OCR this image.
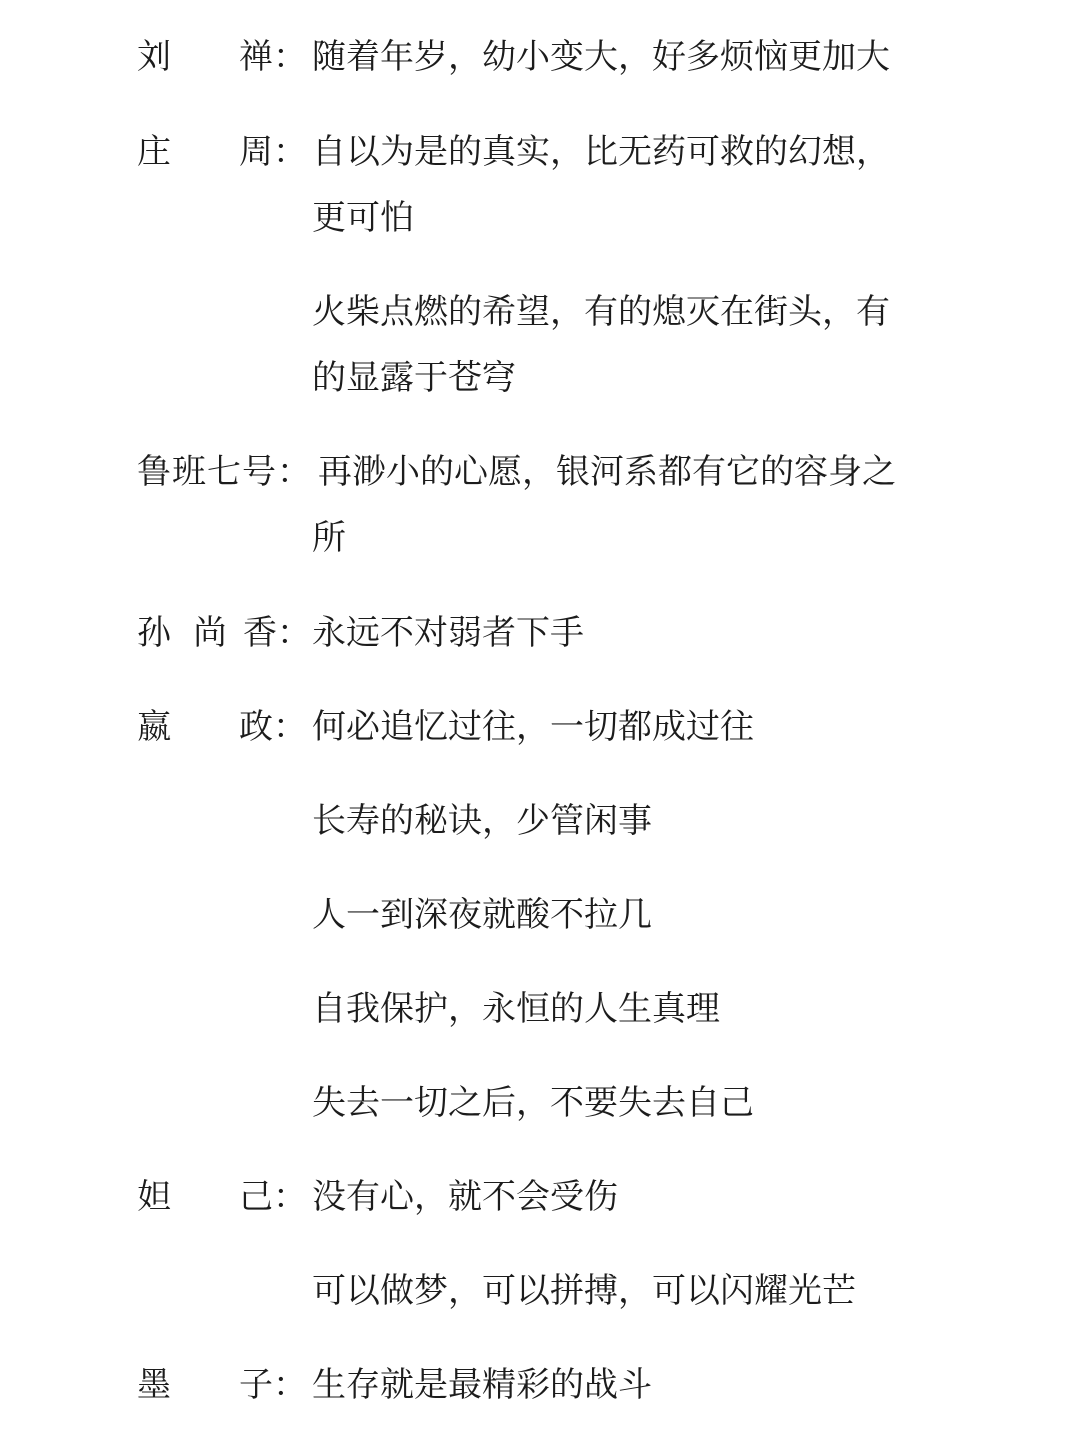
刘 禅 ： 随着年岁，幼小变大，好多烦恼更加大
庄 周 ： 自以为是的真实，比无药可救的幻想，
更可怕
火柴点燃的希望，有的熄灭在街头，有
的显露于苍穹
鲁 班 七 号 ： 再渺小的心愿，银河系都有它的容身之
所
孙 尚 香 ： 永远不对弱者下手
嬴 政 ： 何必追忆过往，一切都成过往
长寿的秘诀，少管闲事
人一到深夜就酸不拉几
自我保护，永恒的人生真理
失去一切之后，不要失去自己
妲 己 ： 没有心，就不会受伤
可以做梦，可以拼搏，可以闪耀光芒
墨 子 ： 生存就是最精彩的战斗
